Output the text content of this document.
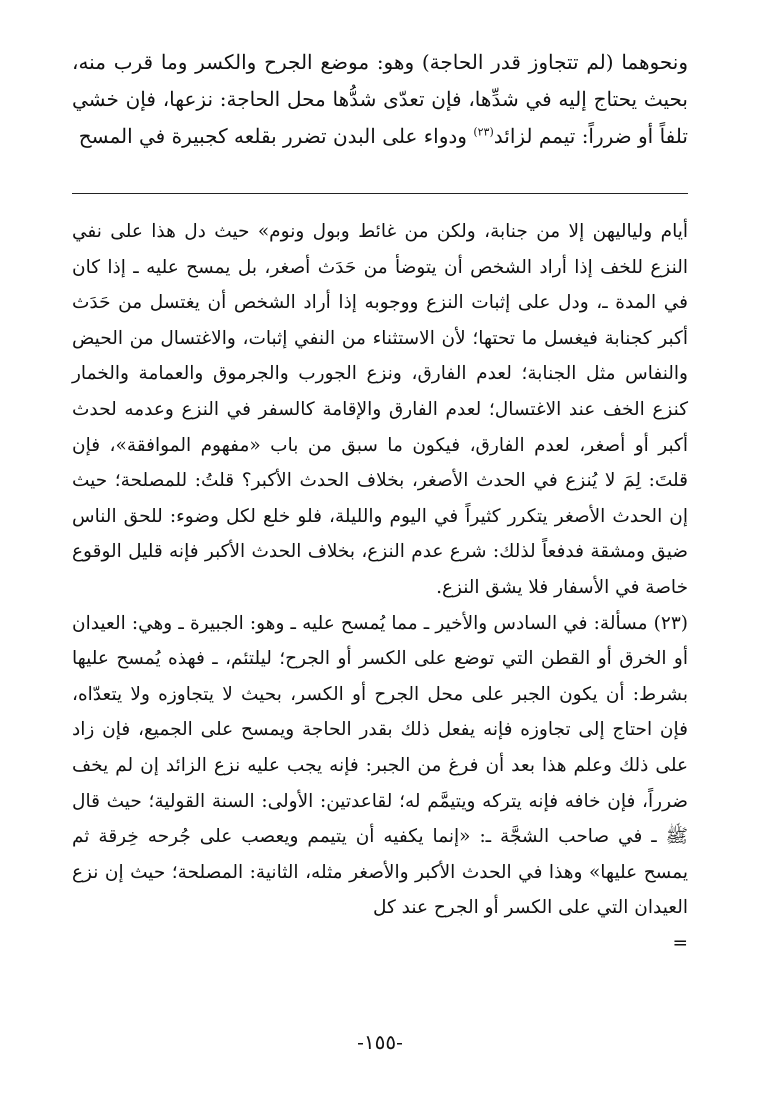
ونحوهما (لم تتجاوز قدر الحاجة) وهو: موضع الجرح والكسر وما قرب منه، بحيث يحتاج إليه في شدِّها، فإن تعدّى شدُّها محل الحاجة: نزعها، فإن خشي تلفاً أو ضرراً: تيمم لزائد$^{(٢٣)}$ ودواء على البدن تضرر بقلعه كجبيرة في المسح

أيام ولياليهن إلا من جنابة، ولكن من غائط وبول ونوم» حيث دل هذا على نفي النزع للخف إذا أراد الشخص أن يتوضأ من حَدَث أصغر، بل يمسح عليه ـ إذا كان في المدة ـ، ودل على إثبات النزع ووجوبه إذا أراد الشخص أن يغتسل من حَدَث أكبر كجنابة فيغسل ما تحتها؛ لأن الاستثناء من النفي إثبات، والاغتسال من الحيض والنفاس مثل الجنابة؛ لعدم الفارق، ونزع الجورب والجرموق والعمامة والخمار كنزع الخف عند الاغتسال؛ لعدم الفارق والإقامة كالسفر في النزع وعدمه لحدث أكبر أو أصغر، لعدم الفارق، فيكون ما سبق من باب «مفهوم الموافقة»، فإن قلتَ: لِمَ لا يُنزع في الحدث الأصغر، بخلاف الحدث الأكبر؟ قلتُ: للمصلحة؛ حيث إن الحدث الأصغر يتكرر كثيراً في اليوم والليلة، فلو خلع لكل وضوء: للحق الناس ضيق ومشقة فدفعاً لذلك: شرع عدم النزع، بخلاف الحدث الأكبر فإنه قليل الوقوع خاصة في الأسفار فلا يشق النزع.

(٢٣) مسألة: في السادس والأخير ـ مما يُمسح عليه ـ وهو: الجبيرة ـ وهي: العيدان أو الخرق أو القطن التي توضع على الكسر أو الجرح؛ ليلتئم، ـ فهذه يُمسح عليها بشرط: أن يكون الجبر على محل الجرح أو الكسر، بحيث لا يتجاوزه ولا يتعدّاه، فإن احتاج إلى تجاوزه فإنه يفعل ذلك بقدر الحاجة ويمسح على الجميع، فإن زاد على ذلك وعلم هذا بعد أن فرغ من الجبر: فإنه يجب عليه نزع الزائد إن لم يخف ضرراً، فإن خافه فإنه يتركه ويتيمَّم له؛ لقاعدتين: الأولى: السنة القولية؛ حيث قال ﷺ ـ في صاحب الشجَّة ـ: «إنما يكفيه أن يتيمم ويعصب على جُرحه خِرقة ثم يمسح عليها» وهذا في الحدث الأكبر والأصغر مثله، الثانية: المصلحة؛ حيث إن نزع العيدان التي على الكسر أو الجرح عند كل

=

-١٥٥-
